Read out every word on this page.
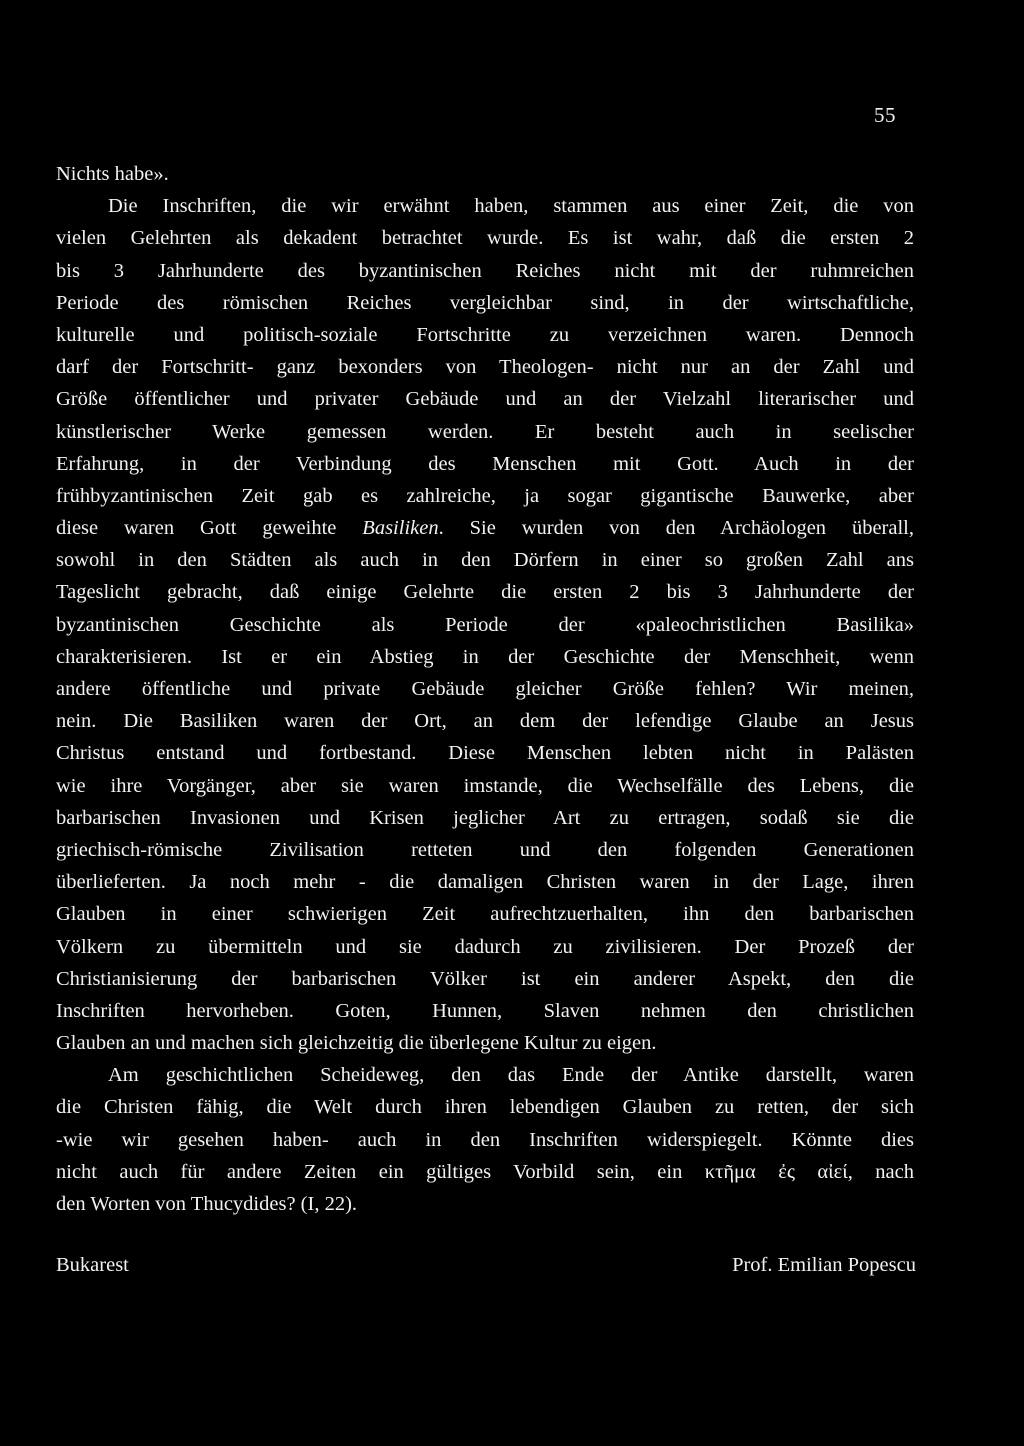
55
Nichts habe».
Die Inschriften, die wir erwähnt haben, stammen aus einer Zeit, die von
vielen Gelehrten als dekadent betrachtet wurde. Es ist wahr, daß die ersten 2
bis 3 Jahrhunderte des byzantinischen Reiches nicht mit der ruhmreichen
Periode des römischen Reiches vergleichbar sind, in der wirtschaftliche,
kulturelle und politisch-soziale Fortschritte zu verzeichnen waren. Dennoch
darf der Fortschritt- ganz bexonders von Theologen- nicht nur an der Zahl und
Größe öffentlicher und privater Gebäude und an der Vielzahl literarischer und
künstlerischer Werke gemessen werden. Er besteht auch in seelischer
Erfahrung, in der Verbindung des Menschen mit Gott. Auch in der
frühbyzantinischen Zeit gab es zahlreiche, ja sogar gigantische Bauwerke, aber
diese waren Gott geweihte Basiliken. Sie wurden von den Archäologen überall,
sowohl in den Städten als auch in den Dörfern in einer so großen Zahl ans
Tageslicht gebracht, daß einige Gelehrte die ersten 2 bis 3 Jahrhunderte der
byzantinischen Geschichte als Periode der «paleochristlichen Basilika»
charakterisieren. Ist er ein Abstieg in der Geschichte der Menschheit, wenn
andere öffentliche und private Gebäude gleicher Größe fehlen? Wir meinen,
nein. Die Basiliken waren der Ort, an dem der lefendige Glaube an Jesus
Christus entstand und fortbestand. Diese Menschen lebten nicht in Palästen
wie ihre Vorgänger, aber sie waren imstande, die Wechselfälle des Lebens, die
barbarischen Invasionen und Krisen jeglicher Art zu ertragen, sodaß sie die
griechisch-römische Zivilisation retteten und den folgenden Generationen
überlieferten. Ja noch mehr - die damaligen Christen waren in der Lage, ihren
Glauben in einer schwierigen Zeit aufrechtzuerhalten, ihn den barbarischen
Völkern zu übermitteln und sie dadurch zu zivilisieren. Der Prozeß der
Christianisierung der barbarischen Völker ist ein anderer Aspekt, den die
Inschriften hervorheben. Goten, Hunnen, Slaven nehmen den christlichen
Glauben an und machen sich gleichzeitig die überlegene Kultur zu eigen.
Am geschichtlichen Scheideweg, den das Ende der Antike darstellt, waren
die Christen fähig, die Welt durch ihren lebendigen Glauben zu retten, der sich
-wie wir gesehen haben- auch in den Inschriften widerspiegelt. Könnte dies
nicht auch für andere Zeiten ein gültiges Vorbild sein, ein κτῆμα ἐς αἰεί, nach
den Worten von Thucydides? (I, 22).
Bukarest	Prof. Emilian Popescu
